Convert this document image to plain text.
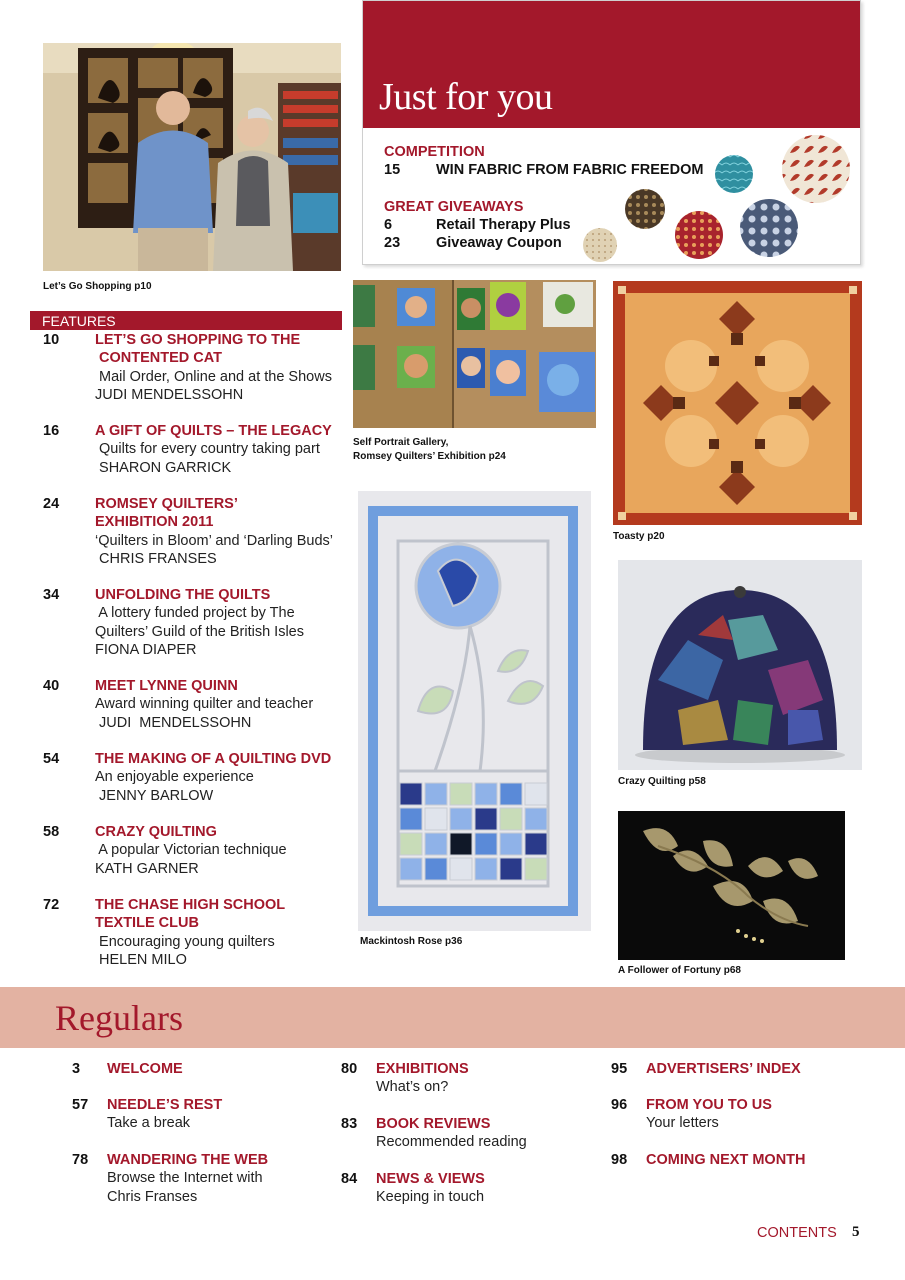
Let’s Go Shopping p10
Just for you
COMPETITION
15 WIN FABRIC FROM FABRIC FREEDOM
GREAT GIVEAWAYS
6	Retail Therapy Plus
23 Giveaway Coupon
FEATURES
10 LET’S GO SHOPPING TO THE
CONTENTED CAT
Mail Order, Online and at the Shows
JUDI MENDELSSOHN
16 A GIFT OF QUILTS – THE LEGACY
Quilts for every country taking part
SHARON GARRICK
24 ROMSEY QUILTERS’
EXHIBITION 2011
‘Quilters in Bloom’ and ‘Darling Buds’
CHRIS FRANSES
34 UNFOLDING THE QUILTS
A lottery funded project by The
Quilters’ Guild of the British Isles
FIONA DIAPER
40 MEET LYNNE QUINN
Award winning quilter and teacher
JUDI  MENDELSSOHN
54 THE MAKING OF A QUILTING DVD
An enjoyable experience
JENNY BARLOW
58 CRAZY QUILTING
A popular Victorian technique
KATH GARNER
72 THE CHASE HIGH SCHOOL
TEXTILE CLUB
Encouraging young quilters
HELEN MILO
Self Portrait Gallery,
Romsey Quilters’ Exhibition p24
Toasty p20
Mackintosh Rose p36
Crazy Quilting p58
A Follower of Fortuny p68
Regulars
3 WELCOME
57 NEEDLE’S REST
Take a break
78 WANDERING THE WEB
Browse the Internet with
Chris Franses
80 EXHIBITIONS
What’s on?
83 BOOK REVIEWS
Recommended reading
84 NEWS & VIEWS
Keeping in touch
95 ADVERTISERS’ INDEX
96 FROM YOU TO US
Your letters
98 COMING NEXT MONTH
CONTENTS 5
